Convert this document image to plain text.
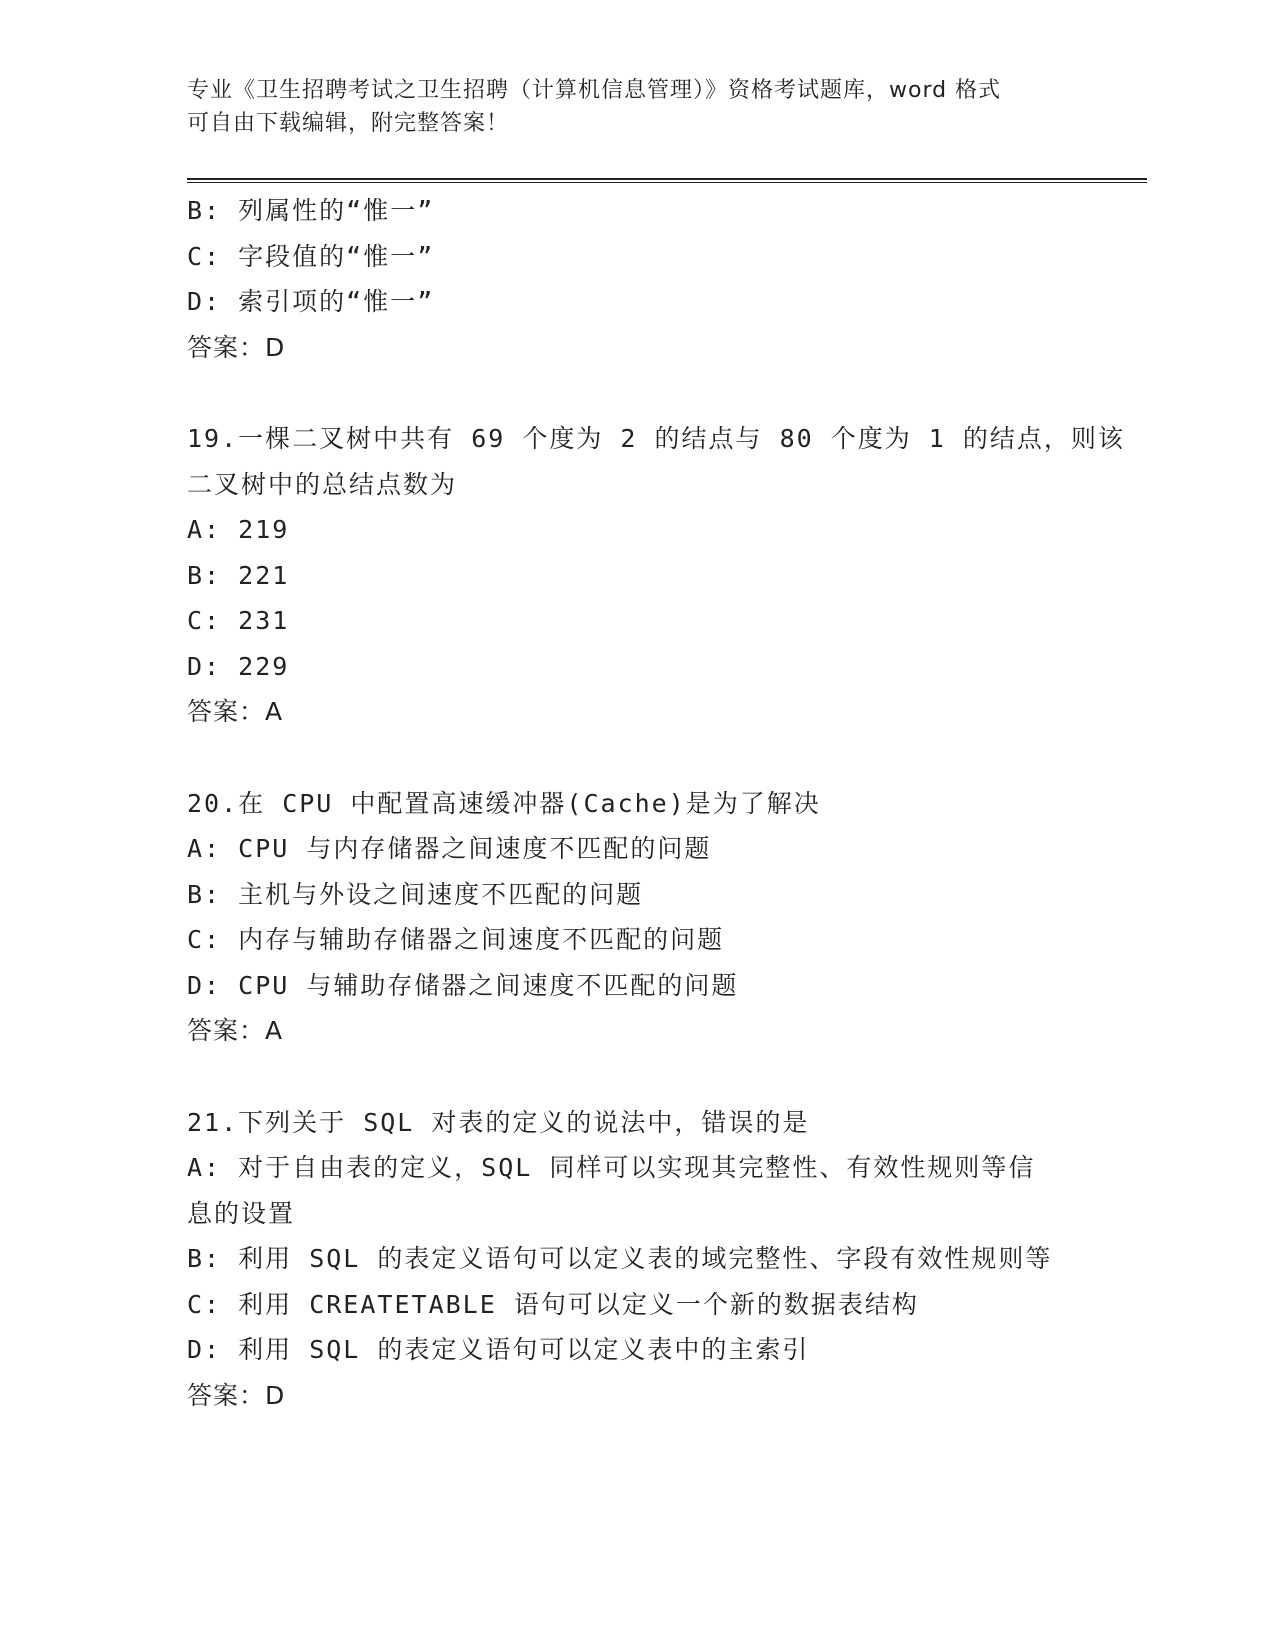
专业《卫生招聘考试之卫生招聘（计算机信息管理）》资格考试题库，word 格式
可自由下载编辑，附完整答案！
B: 列属性的“惟一”
C: 字段值的“惟一”
D: 索引项的“惟一”
答案：D
19.一棵二叉树中共有 69 个度为 2 的结点与 80 个度为 1 的结点，则该
二叉树中的总结点数为
A: 219
B: 221
C: 231
D: 229
答案：A
20.在 CPU 中配置高速缓冲器(Cache)是为了解决
A: CPU 与内存储器之间速度不匹配的问题
B: 主机与外设之间速度不匹配的问题
C: 内存与辅助存储器之间速度不匹配的问题
D: CPU 与辅助存储器之间速度不匹配的问题
答案：A
21.下列关于 SQL 对表的定义的说法中，错误的是
A: 对于自由表的定义，SQL 同样可以实现其完整性、有效性规则等信
息的设置
B: 利用 SQL 的表定义语句可以定义表的域完整性、字段有效性规则等
C: 利用 CREATETABLE 语句可以定义一个新的数据表结构
D: 利用 SQL 的表定义语句可以定义表中的主索引
答案：D
